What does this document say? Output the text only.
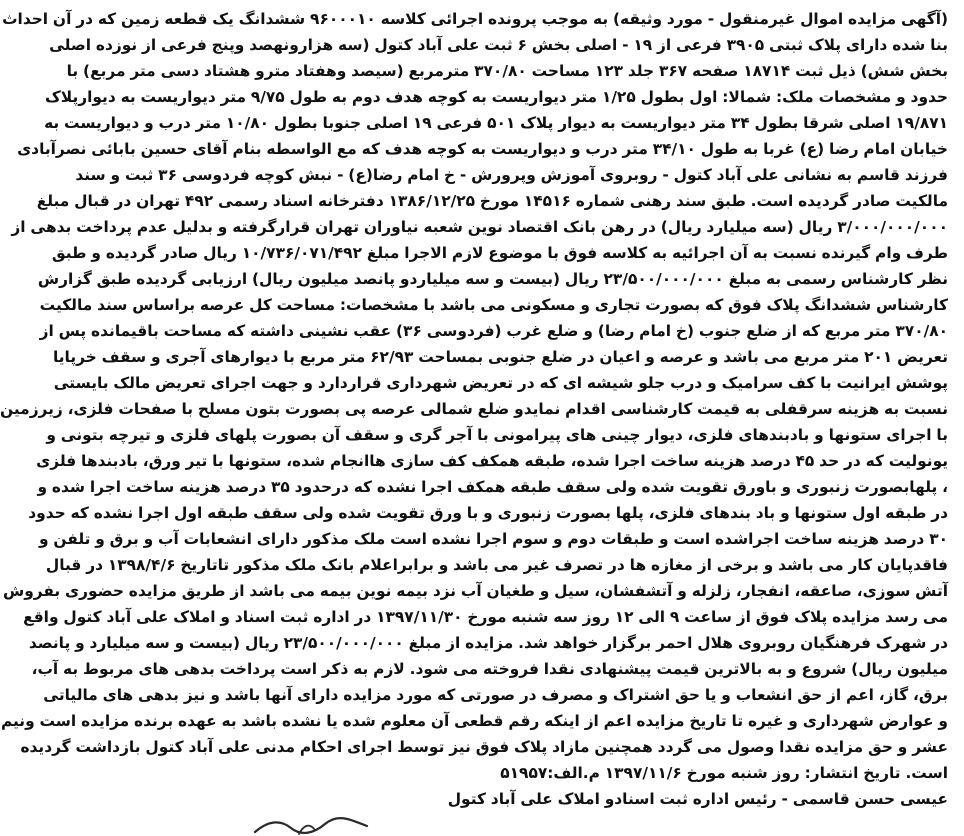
(آگهی مزایده اموال غیرمنقول - مورد وثیقه) به موجب پرونده اجرائی کلاسه ۹۶۰۰۰۱۰ ششدانگ یک قطعه زمین که در آن احداث
بنا شده دارای پلاک ثبتی ۳۹۰۵ فرعی از ۱۹ - اصلی بخش ۶ ثبت علی آباد کتول (سه هزارونهصد وپنج فرعی از نوزده اصلی
بخش شش) ذیل ثبت ۱۸۷۱۴ صفحه ۳۶۷ جلد ۱۲۳ مساحت ۳۷۰/۸۰ مترمربع (سیصد وهفتاد مترو هشتاد دسی متر مربع) با
حدود و مشخصات ملک: شمالا: اول بطول ۱/۲۵ متر دیواریست به کوچه هدف دوم به طول ۹/۷۵ متر دیواریست به دیوارپلاک
۱۹/۸۷۱ اصلی شرقا بطول ۳۴ متر دیواریست به دیوار پلاک ۵۰۱ فرعی ۱۹ اصلی جنوبا بطول ۱۰/۸۰ متر درب و دیواریست به
خیابان امام رضا (ع) غربا به طول ۳۴/۱۰ متر درب و دیواریست به کوچه هدف که مع الواسطه بنام آقای حسین بابائی نصرآبادی
فرزند قاسم به نشانی علی آباد کتول - روبروی آموزش وپرورش - خ امام رضا(ع) - نبش کوچه فردوسی ۳۶ ثبت و سند
مالکیت صادر گردیده است. طبق سند رهنی شماره ۱۴۵۱۶ مورخ ۱۳۸۶/۱۲/۲۵ دفترخانه اسناد رسمی ۴۹۲ تهران در قبال مبلغ
۳/۰۰۰/۰۰۰/۰۰۰ ریال (سه میلیارد ریال) در رهن بانک اقتصاد نوین شعبه نیاوران تهران قرارگرفته و بدلیل عدم پرداخت بدهی از
طرف وام گیرنده نسبت به آن اجرائیه به کلاسه فوق با موضوع لازم الاجرا مبلغ ۱۰/۷۳۶/۰۷۱/۴۹۲ ریال صادر گردیده و طبق
نظر کارشناس رسمی به مبلغ ۲۳/۵۰۰/۰۰۰/۰۰۰ ریال (بیست و سه میلیاردو پانصد میلیون ریال) ارزیابی گردیده طبق گزارش
کارشناس ششدانگ پلاک فوق که بصورت تجاری و مسکونی می باشد با مشخصات: مساحت کل عرصه براساس سند مالکیت
۳۷۰/۸۰ متر مربع که از ضلع جنوب (خ امام رضا) و ضلع غرب (فردوسی ۳۶) عقب نشینی داشته که مساحت باقیمانده پس از
تعریض ۲۰۱ متر مربع می باشد و عرصه و اعیان در ضلع جنوبی بمساحت ۶۲/۹۳ متر مربع با دیوارهای آجری و سقف خرپایا
پوشش ایرانیت با کف سرامیک و درب جلو شیشه ای که در تعریض شهرداری قراردارد و جهت اجرای تعریض مالک بایستی
نسبت به هزینه سرقفلی به قیمت کارشناسی اقدام نمایدو ضلع شمالی عرصه پی بصورت بتون مسلح با صفحات فلزی، زیرزمین
با اجرای ستونها و بادبندهای فلزی، دیوار چینی های پیرامونی با آجر گری و سقف آن بصورت پلهای فلزی و تیرچه بتونی و
یونولیت که در حد ۴۵ درصد هزینه ساخت اجرا شده، طبقه همکف کف سازی هاانجام شده، ستونها با تیر ورق، بادبندها فلزی
، پلهابصورت زنبوری و باورق تقویت شده ولی سقف طبقه همکف اجرا نشده که درحدود ۳۵ درصد هزینه ساخت اجرا شده و
در طبقه اول ستونها و باد بندهای فلزی، پلها بصورت زنبوری و با ورق تقویت شده ولی سقف طبقه اول اجرا نشده که حدود
۳۰ درصد هزینه ساخت اجراشده است و طبقات دوم و سوم اجرا نشده است ملک مذکور دارای انشعابات آب و برق و تلفن و
فاقدپایان کار می باشد و برخی از مغازه ها در تصرف غیر می باشد و برابراعلام بانک ملک مذکور تاتاریخ ۱۳۹۸/۴/۶ در قبال
آتش سوزی، صاعقه، انفجار، زلزله و آتشفشان، سیل و طغیان آب نزد بیمه نوین بیمه می باشد از طریق مزایده حضوری بفروش
می رسد مزایده پلاک فوق از ساعت ۹ الی ۱۲ روز سه شنبه مورخ ۱۳۹۷/۱۱/۳۰ در اداره ثبت اسناد و املاک علی آباد کتول واقع
در شهرک فرهنگیان روبروی هلال احمر برگزار خواهد شد. مزایده از مبلغ ۲۳/۵۰۰/۰۰۰/۰۰۰ ریال (بیست و سه میلیارد و پانصد
میلیون ریال) شروع و به بالاترین قیمت پیشنهادی نقدا فروخته می شود. لازم به ذکر است پرداخت بدهی های مربوط به آب،
برق، گاز، اعم از حق انشعاب و یا حق اشتراک و مصرف در صورتی که مورد مزایده دارای آنها باشد و نیز بدهی های مالیاتی
و عوارض شهرداری و غیره تا تاریخ مزایده اعم از اینکه رقم قطعی آن معلوم شده یا نشده باشد به عهده برنده مزایده است ونیم
عشر و حق مزایده نقدا وصول می گردد همچنین مازاد پلاک فوق نیز توسط اجرای احکام مدنی علی آباد کتول بازداشت گردیده
است. تاریخ انتشار: روز شنبه مورخ ۱۳۹۷/۱۱/۶ م.الف:۵۱۹۵۷
عیسی حسن قاسمی - رئیس اداره ثبت اسنادو املاک علی آباد کتول
